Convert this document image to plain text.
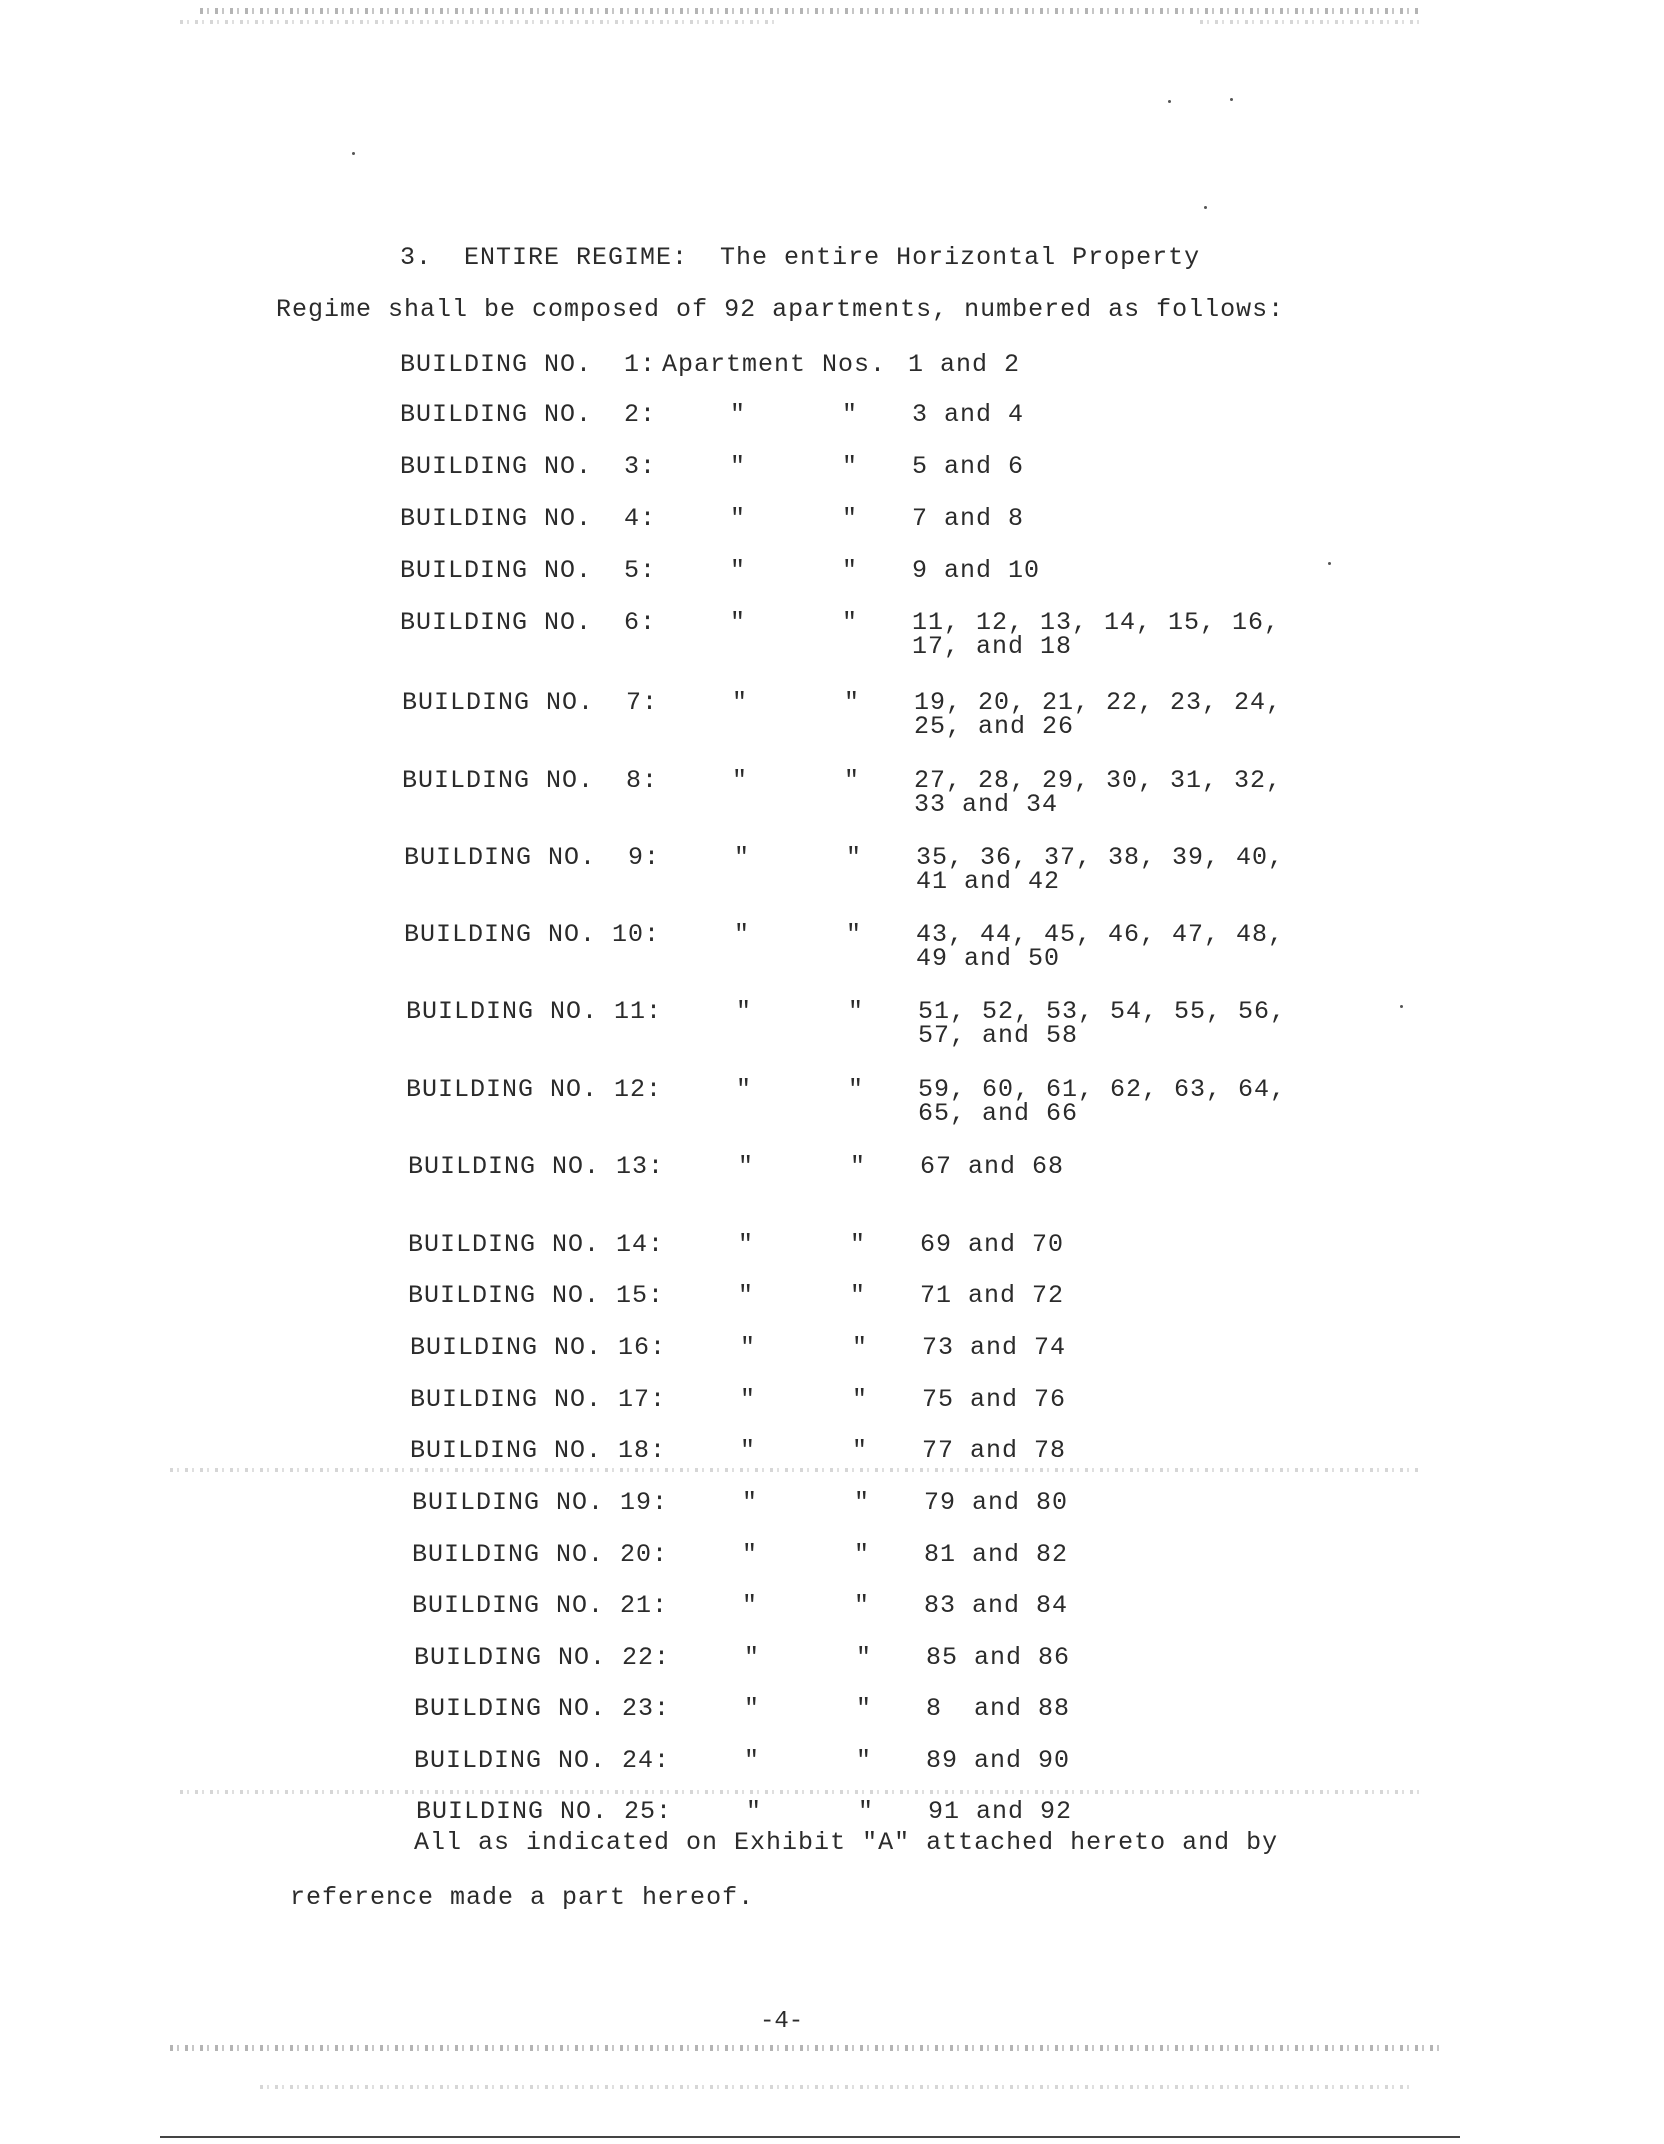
3.  ENTIRE REGIME:  The entire Horizontal Property
Regime shall be composed of 92 apartments, numbered as follows:
BUILDING NO.  1: Apartment Nos. 1 and 2
BUILDING NO.  2:	"	" 3 and 4
BUILDING NO.  3:	"	" 5 and 6
BUILDING NO.  4:	"	" 7 and 8
BUILDING NO.  5:	"	" 9 and 10
BUILDING NO.  6:	"	" 11, 12, 13, 14, 15, 16,
17, and 18
BUILDING NO.  7:	"	" 19, 20, 21, 22, 23, 24,
25, and 26
BUILDING NO.  8:	"	" 27, 28, 29, 30, 31, 32,
33 and 34
BUILDING NO.  9:	"	" 35, 36, 37, 38, 39, 40,
41 and 42
BUILDING NO. 10:	"	" 43, 44, 45, 46, 47, 48,
49 and 50
BUILDING NO. 11:	"	" 51, 52, 53, 54, 55, 56,
57, and 58
BUILDING NO. 12:	"	" 59, 60, 61, 62, 63, 64,
65, and 66
BUILDING NO. 13:	"	" 67 and 68
BUILDING NO. 14:	"	" 69 and 70
BUILDING NO. 15:	"	" 71 and 72
BUILDING NO. 16:	"	" 73 and 74
BUILDING NO. 17:	"	" 75 and 76
BUILDING NO. 18:	"	" 77 and 78
BUILDING NO. 19:	"	" 79 and 80
BUILDING NO. 20:	"	" 81 and 82
BUILDING NO. 21:	"	" 83 and 84
BUILDING NO. 22:	"	" 85 and 86
BUILDING NO. 23:	"	" 8  and 88
BUILDING NO. 24:	"	" 89 and 90
BUILDING NO. 25:	"	" 91 and 92
All as indicated on Exhibit "A" attached hereto and by
reference made a part hereof.
-4-
